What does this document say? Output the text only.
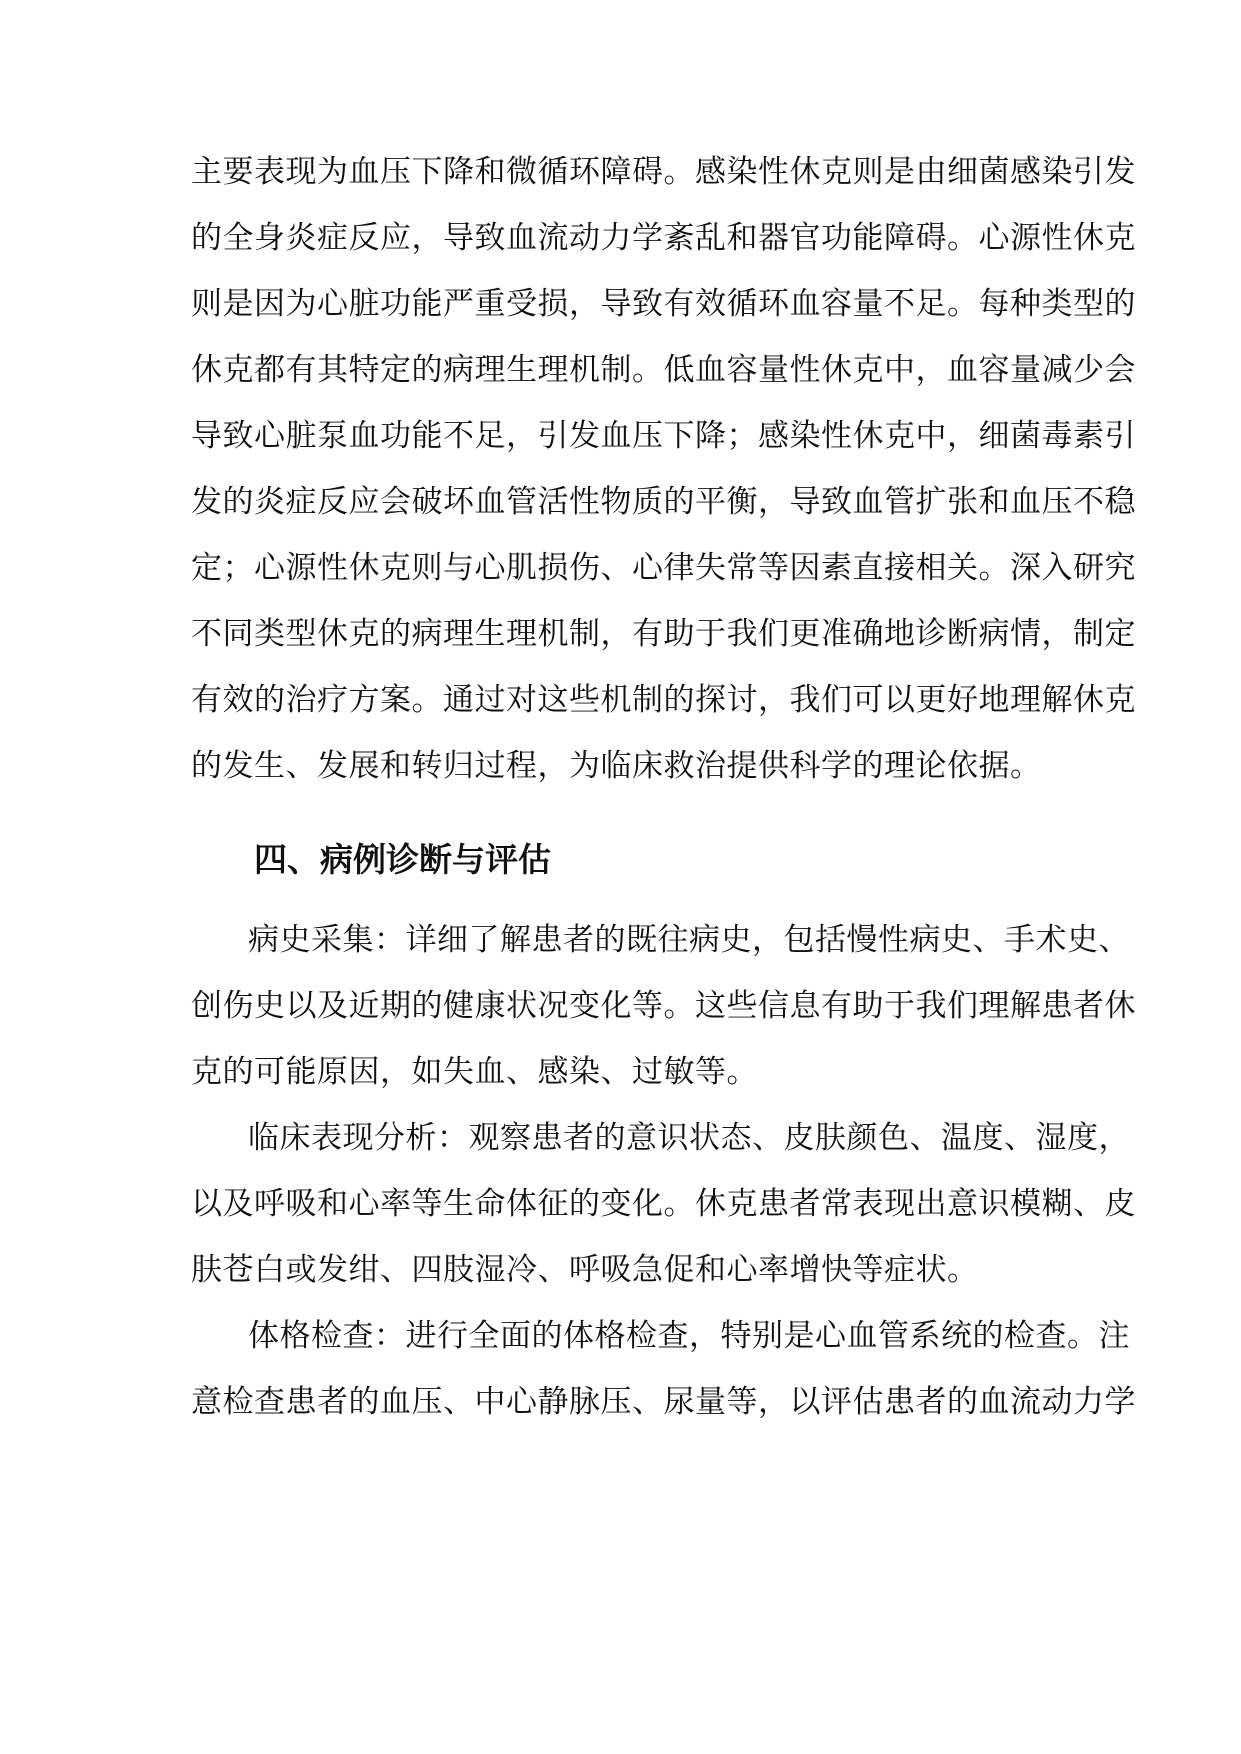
主要表现为血压下降和微循环障碍。感染性休克则是由细菌感染引发
的全身炎症反应，导致血流动力学紊乱和器官功能障碍。心源性休克
则是因为心脏功能严重受损，导致有效循环血容量不足。每种类型的
休克都有其特定的病理生理机制。低血容量性休克中，血容量减少会
导致心脏泵血功能不足，引发血压下降；感染性休克中，细菌毒素引
发的炎症反应会破坏血管活性物质的平衡，导致血管扩张和血压不稳
定；心源性休克则与心肌损伤、心律失常等因素直接相关。深入研究
不同类型休克的病理生理机制，有助于我们更准确地诊断病情，制定
有效的治疗方案。通过对这些机制的探讨，我们可以更好地理解休克
的发生、发展和转归过程，为临床救治提供科学的理论依据。
四、病例诊断与评估
病史采集：详细了解患者的既往病史，包括慢性病史、手术史、
创伤史以及近期的健康状况变化等。这些信息有助于我们理解患者休
克的可能原因，如失血、感染、过敏等。
临床表现分析：观察患者的意识状态、皮肤颜色、温度、湿度，
以及呼吸和心率等生命体征的变化。休克患者常表现出意识模糊、皮
肤苍白或发绀、四肢湿冷、呼吸急促和心率增快等症状。
体格检查：进行全面的体格检查，特别是心血管系统的检查。注
意检查患者的血压、中心静脉压、尿量等，以评估患者的血流动力学
